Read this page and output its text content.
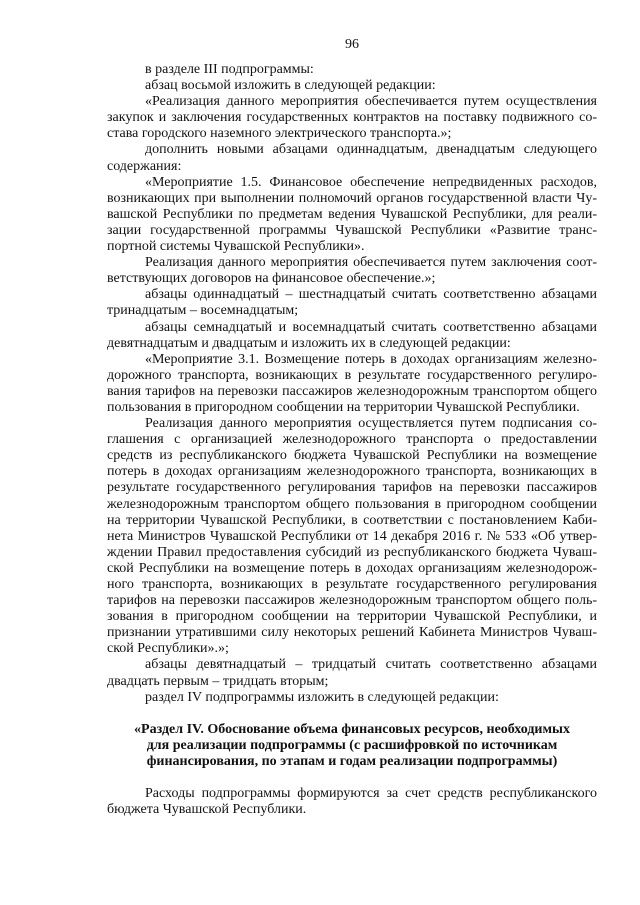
96
в разделе III подпрограммы:
абзац восьмой изложить в следующей редакции:
«Реализация данного мероприятия обеспечивается путем осуществления
закупок и заключения государственных контрактов на поставку подвижного со-
става городского наземного электрического транспорта.»;
дополнить новыми абзацами одиннадцатым, двенадцатым следующего
содержания:
«Мероприятие 1.5. Финансовое обеспечение непредвиденных расходов,
возникающих при выполнении полномочий органов государственной власти Чу-
вашской Республики по предметам ведения Чувашской Республики, для реали-
зации государственной программы Чувашской Республики «Развитие транс-
портной системы Чувашской Республики».
Реализация данного мероприятия обеспечивается путем заключения соот-
ветствующих договоров на финансовое обеспечение.»;
абзацы одиннадцатый – шестнадцатый считать соответственно абзацами
тринадцатым – восемнадцатым;
абзацы семнадцатый и восемнадцатый считать соответственно абзацами
девятнадцатым и двадцатым и изложить их в следующей редакции:
«Мероприятие 3.1. Возмещение потерь в доходах организациям железно-
дорожного транспорта, возникающих в результате государственного регулиро-
вания тарифов на перевозки пассажиров железнодорожным транспортом общего
пользования в пригородном сообщении на территории Чувашской Республики.
Реализация данного мероприятия осуществляется путем подписания со-
глашения с организацией железнодорожного транспорта о предоставлении
средств из республиканского бюджета Чувашской Республики на возмещение
потерь в доходах организациям железнодорожного транспорта, возникающих в
результате государственного регулирования тарифов на перевозки пассажиров
железнодорожным транспортом общего пользования в пригородном сообщении
на территории Чувашской Республики, в соответствии с постановлением Каби-
нета Министров Чувашской Республики от 14 декабря 2016 г. № 533 «Об утвер-
ждении Правил предоставления субсидий из республиканского бюджета Чуваш-
ской Республики на возмещение потерь в доходах организациям железнодорож-
ного транспорта, возникающих в результате государственного регулирования
тарифов на перевозки пассажиров железнодорожным транспортом общего поль-
зования в пригородном сообщении на территории Чувашской Республики, и
признании утратившими силу некоторых решений Кабинета Министров Чуваш-
ской Республики».»;
абзацы девятнадцатый – тридцатый считать соответственно абзацами
двадцать первым – тридцать вторым;
раздел IV подпрограммы изложить в следующей редакции:
«Раздел IV. Обоснование объема финансовых ресурсов, необходимых
для реализации подпрограммы (с расшифровкой по источникам
финансирования, по этапам и годам реализации подпрограммы)
Расходы подпрограммы формируются за счет средств республиканского
бюджета Чувашской Республики.
